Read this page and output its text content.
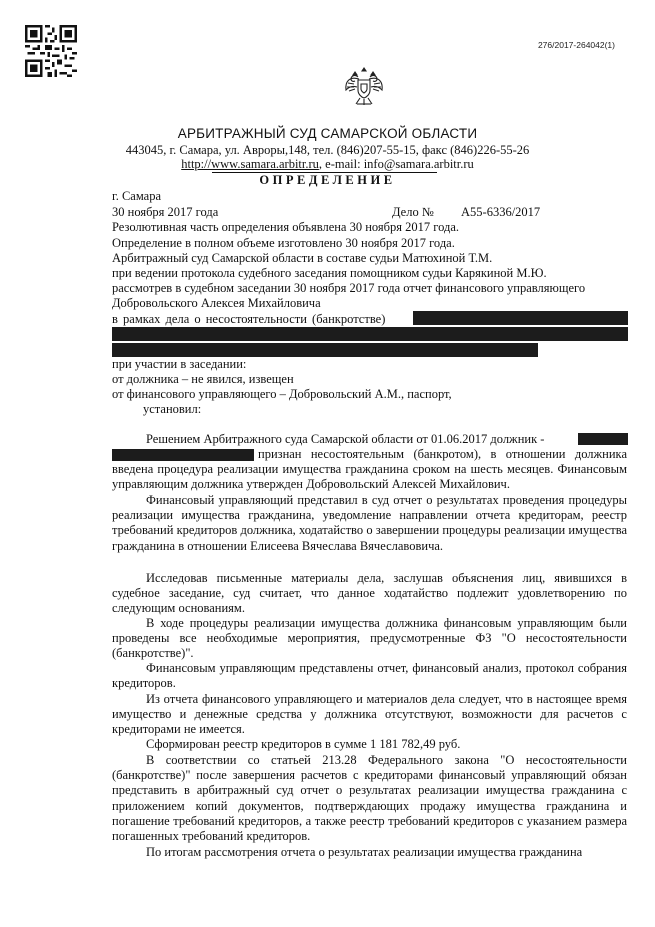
276/2017-264042(1)
АРБИТРАЖНЫЙ СУД САМАРСКОЙ ОБЛАСТИ
443045, г. Самара, ул. Авроры,148, тел. (846)207-55-15, факс (846)226-55-26
http://www.samara.arbitr.ru, e-mail: info@samara.arbitr.ru
ОПРЕДЕЛЕНИЕ
г. Самара
30 ноября 2017 года	Дело № А55-6336/2017
Резолютивная часть определения объявлена 30 ноября 2017 года.
Определение в полном объеме изготовлено 30 ноября 2017 года.
Арбитражный суд Самарской области в составе судьи Матюхиной Т.М.
при ведении протокола судебного заседания помощником судьи Карякиной М.Ю.
рассмотрев в судебном заседании 30 ноября 2017 года отчет финансового управляющего
Добровольского Алексея Михайловича
в рамках дела о несостоятельности (банкротстве)
при участии в заседании:
от должника – не явился, извещен
от финансового управляющего – Добровольский А.М., паспорт,
установил:
Решением Арбитражного суда Самарской области от 01.06.2017 должник -

признан несостоятельным (банкротом), в отношении должника введена процедура реализации имущества гражданина сроком на шесть месяцев. Финансовым управляющим должника утвержден Добровольский Алексей Михайлович.

Финансовый управляющий представил в суд отчет о результатах проведения процедуры реализации имущества гражданина, уведомление направлении отчета кредиторам, реестр требований кредиторов должника, ходатайство о завершении процедуры реализации имущества гражданина в отношении Елисеева Вячеслава Вячеславовича.

Исследовав письменные материалы дела, заслушав объяснения лиц, явившихся в судебное заседание, суд считает, что данное ходатайство подлежит удовлетворению по следующим основаниям.

В ходе процедуры реализации имущества должника финансовым управляющим были проведены все необходимые мероприятия, предусмотренные ФЗ "О несостоятельности (банкротстве)".

Финансовым управляющим представлены отчет, финансовый анализ, протокол собрания кредиторов.

Из отчета финансового управляющего и материалов дела следует, что в настоящее время имущество и денежные средства у должника отсутствуют, возможности для расчетов с кредиторами не имеется.

Сформирован реестр кредиторов в сумме 1 181 782,49 руб.

В соответствии со статьей 213.28 Федерального закона "О несостоятельности (банкротстве)" после завершения расчетов с кредиторами финансовый управляющий обязан представить в арбитражный суд отчет о результатах реализации имущества гражданина с приложением копий документов, подтверждающих продажу имущества гражданина и погашение требований кредиторов, а также реестр требований кредиторов с указанием размера погашенных требований кредиторов.

По итогам рассмотрения отчета о результатах реализации имущества гражданина
